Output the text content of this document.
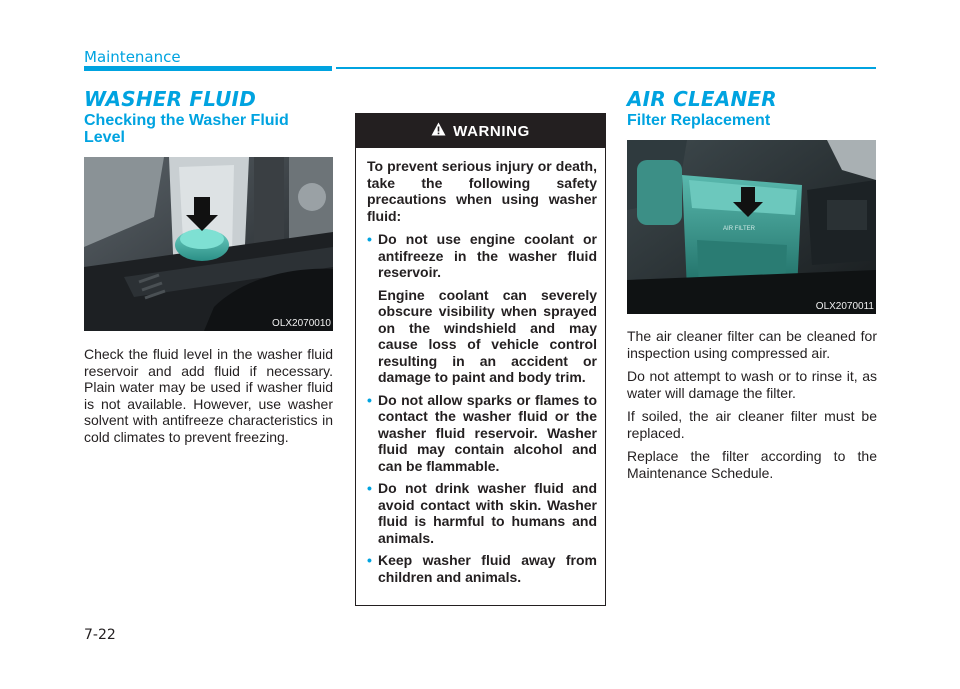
Maintenance
WASHER FLUID
Checking the Washer Fluid Level
OLX2070010

Check the fluid level in the washer fluid reservoir and add fluid if necessary. Plain water may be used if washer fluid is not available. However, use washer solvent with antifreeze characteristics in cold climates to prevent freezing.

WARNING

To prevent serious injury or death, take the following safety precautions when using washer fluid:

• Do not use engine coolant or antifreeze in the washer fluid reservoir.

Engine coolant can severely obscure visibility when sprayed on the windshield and may cause loss of vehicle control resulting in an accident or damage to paint and body trim.

• Do not allow sparks or flames to contact the washer fluid or the washer fluid reservoir. Washer fluid may contain alcohol and can be flammable.

• Do not drink washer fluid and avoid contact with skin. Washer fluid is harmful to humans and animals.

• Keep washer fluid away from children and animals.

AIR CLEANER
Filter Replacement
AIR FILTER
OLX2070011

The air cleaner filter can be cleaned for inspection using compressed air.

Do not attempt to wash or to rinse it, as water will damage the filter.

If soiled, the air cleaner filter must be replaced.

Replace the filter according to the Maintenance Schedule.

7-22
